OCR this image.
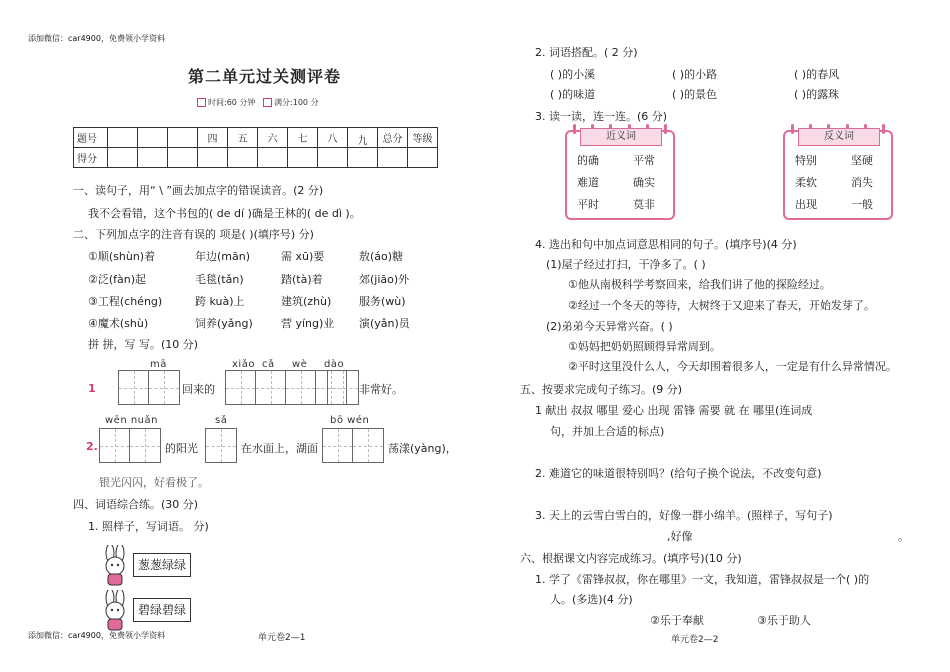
添加微信：car4900，免费领小学资料
第二单元过关测评卷
时间:60 分钟 满分:100 分
题号				四	五	六	七	八	九	总分	等级
得分											
一、读句子，用“ \ ”画去加点字的错误读音。(2 分)
我不会看错，这个书包的( de dí )确是王林的( de dì )。
二、下列加点字的注音有误的 项是( )(填序号) 分)
①顺(shùn)着	年边(mān)	需 xū)要	敖(áo)糖
②泛(fàn)起	毛毯(tǎn)	踏(tà)着	郊(jiāo)外
③工程(chéng)	跨 kuà)上	建筑(zhù)	服务(wù)
④魔术(shù)	饲养(yǎng)	营 yíng)业 演(yǎn)员
拼 拼，写 写。(10 分)
mā	xiǎo cǎ wè dào
1	回来的	非常好。
wēn nuǎn	sǎ	bō wén
2.	的阳光	在水面上，湖面	荡漾(yàng)，
银光闪闪，好看极了。
四、词语综合练。(30 分)
1. 照样子，写词语。 分)
葱葱绿绿
碧绿碧绿
添加微信：car4900，免费领小学资料	单元卷2—1
2. 词语搭配。( 2 分)
( )的小溪	( )的小路	( )的春风
( )的味道	( )的景色	( )的露珠
3. 读一读，连一连。(6 分)
近义词
的确
难道
平时
平常
确实
莫非
反义词
特别
柔软
出现
坚硬
消失
一般
4. 选出和句中加点词意思相同的句子。(填序号)(4 分)
(1)屋子经过打扫，干净多了。( )
①他从南极科学考察回来，给我们讲了他的探险经过。
②经过一个冬天的等待，大树终于又迎来了春天，开始发芽了。
(2)弟弟今天异常兴奋。( )
①妈妈把奶奶照顾得异常周到。
②平时这里没什么人，今天却围着很多人，一定是有什么异常情况。
五、按要求完成句子练习。(9 分)
1 献出 叔叔 哪里 爱心 出现 雷锋 需要 就 在 哪里(连词成
句，并加上合适的标点)
2. 难道它的味道很特别吗？(给句子换个说法，不改变句意)
3. 天上的云雪白雪白的，好像一群小绵羊。(照样子，写句子)
,好像	。
六、根据课文内容完成练习。(填序号)(10 分)
1. 学了《雷锋叔叔，你在哪里》一文，我知道，雷锋叔叔是一个( )的
人。(多选)(4 分)
②乐于奉献	③乐于助人
单元卷2—2
